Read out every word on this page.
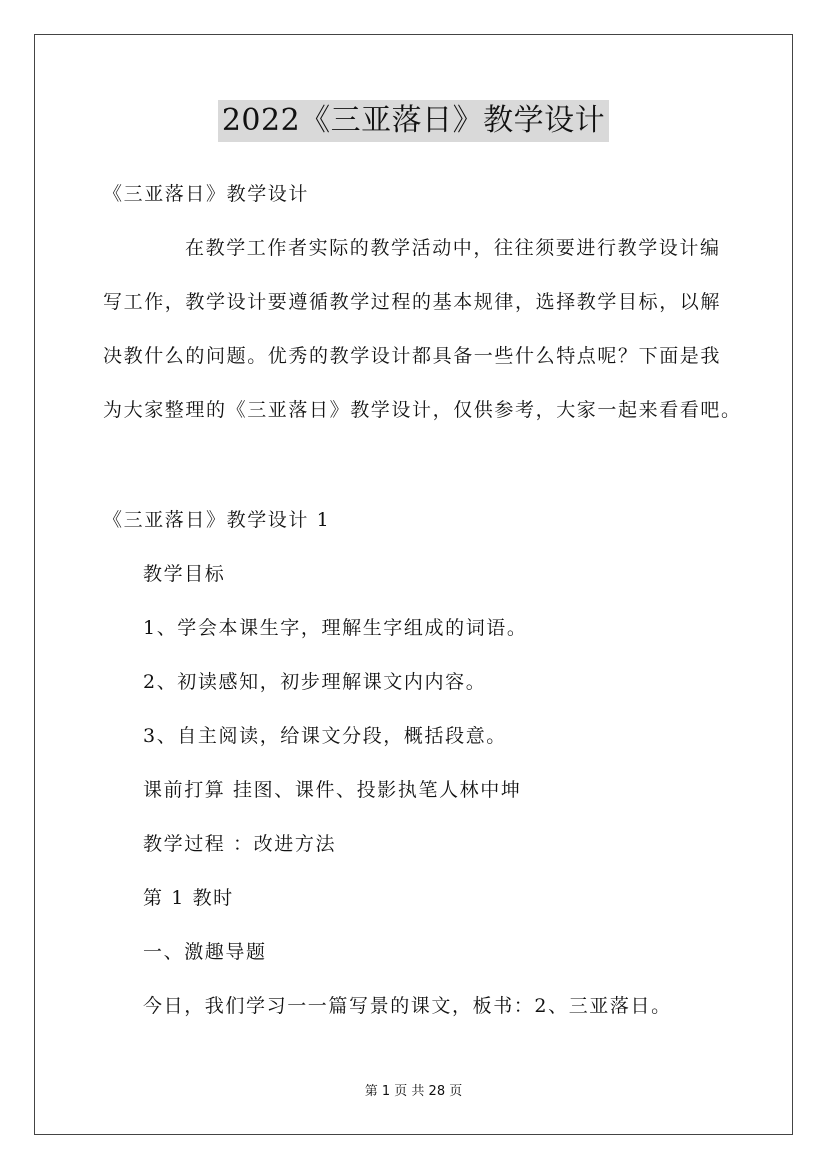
2022《三亚落日》教学设计
《三亚落日》教学设计
在教学工作者实际的教学活动中，往往须要进行教学设计编
写工作，教学设计要遵循教学过程的基本规律，选择教学目标，以解
决教什么的问题。优秀的教学设计都具备一些什么特点呢？下面是我
为大家整理的《三亚落日》教学设计，仅供参考，大家一起来看看吧。
《三亚落日》教学设计 1
教学目标
1、学会本课生字，理解生字组成的词语。
2、初读感知，初步理解课文内内容。
3、自主阅读，给课文分段，概括段意。
课前打算 挂图、课件、投影执笔人林中坤
教学过程 ：改进方法
第 1 教时
一、激趣导题
今日，我们学习一一篇写景的课文，板书：2、三亚落日。
第 1 页 共 28 页
